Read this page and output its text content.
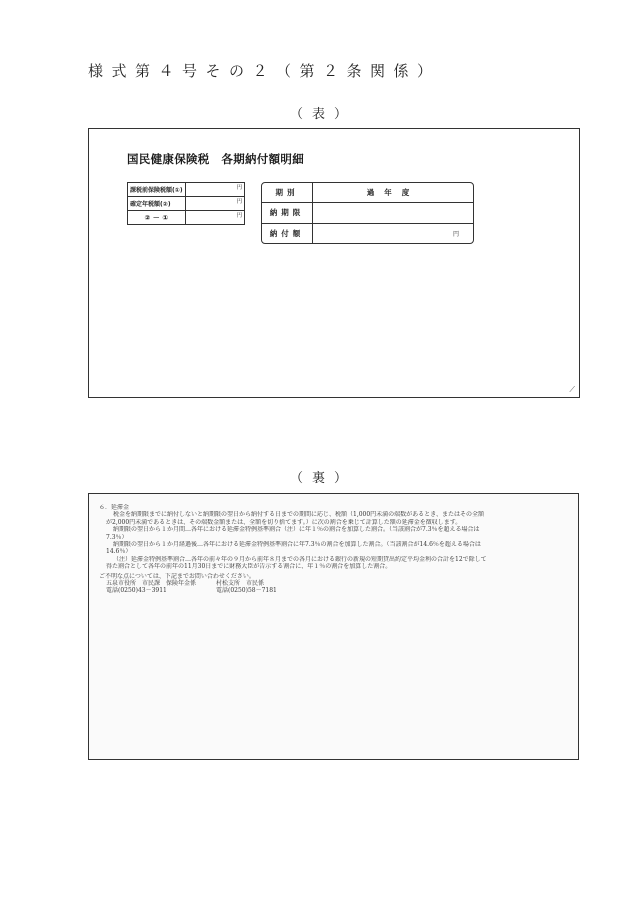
様式第４号その２（第２条関係）
（表）
国民健康保険税　各期納付額明細
課税前保険税額(①)	円
確定年税額(②)	円
② － ①	円
期別	過年度
納期限	
納付額	円
⟋
（裏）

６．延滞金

税金を納期限までに納付しないと納期限の翌日から納付する日までの期間に応じ、税額（1,000円未満の端数があるとき、またはその全額

が2,000円未満であるときは、その端数金額または、全額を切り捨てます。）に次の割合を乗じて計算した額の延滞金を徴収します。

納期限の翌日から１か月間…各年における延滞金特例基準割合（注）に年１％の割合を加算した割合。（当該割合が7.3％を超える場合は

7.3％）

納期限の翌日から１か月経過後…各年における延滞金特例基準割合に年7.3％の割合を加算した割合。（当該割合が14.6％を超える場合は

14.6％）

（注）延滞金特例基準割合…各年の前々年の９月から前年８月までの各月における銀行の新規の短期貸出約定平均金利の合計を12で除して

得た割合として各年の前年の11月30日までに財務大臣が告示する割合に、年１％の割合を加算した割合。

ご不明な点については、下記までお問い合わせください。

五泉市役所　市民課　保険年金係	村松支所　市民係
電話(0250)43－3911	電話(0250)58－7181
